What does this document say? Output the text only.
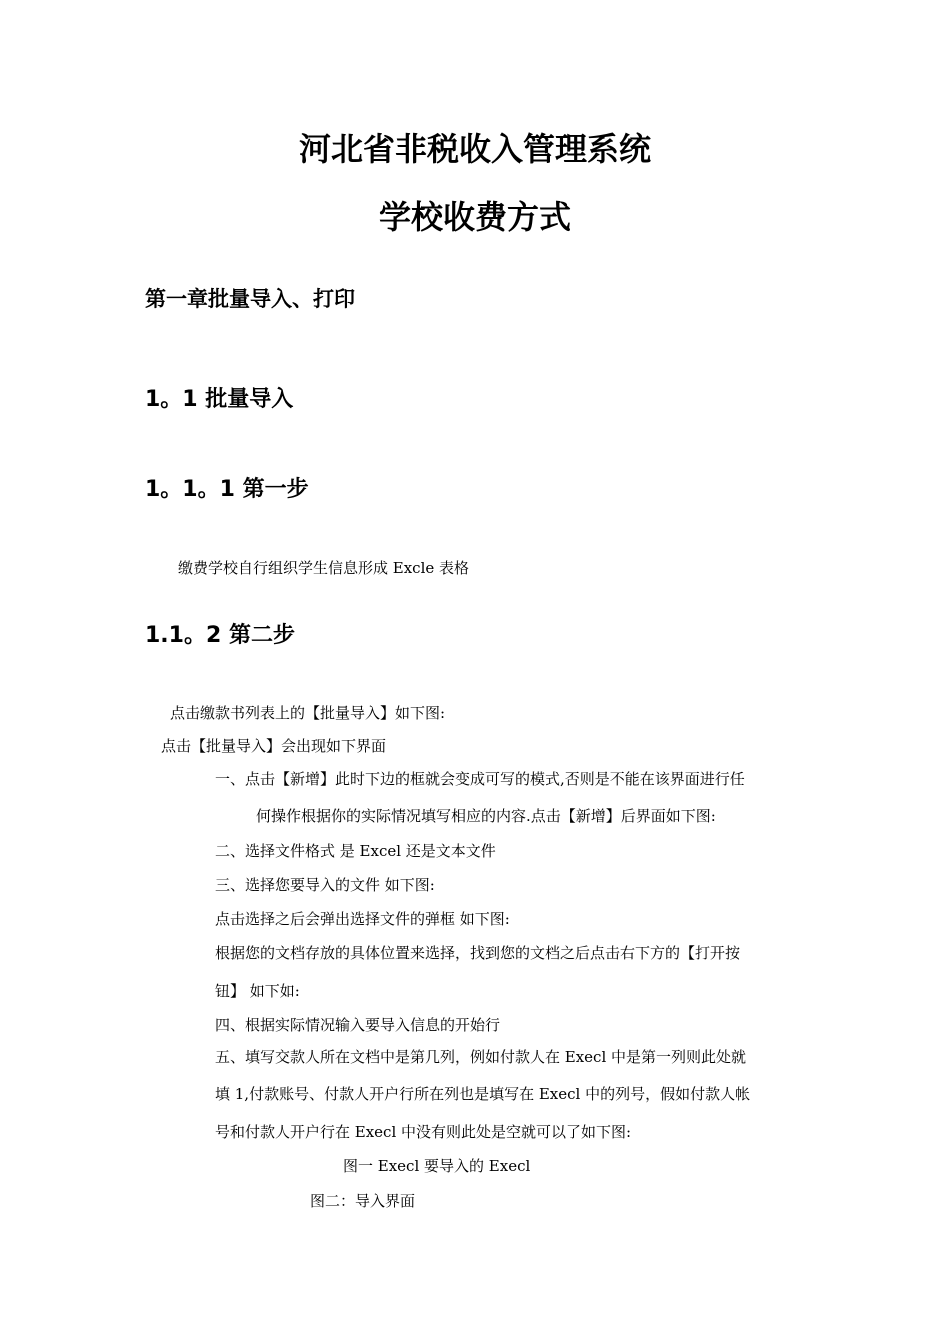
河北省非税收入管理系统
学校收费方式
第一章批量导入、打印
1。1 批量导入
1。1。1 第一步
缴费学校自行组织学生信息形成 Excle 表格
1.1。2 第二步
点击缴款书列表上的【批量导入】如下图:
点击【批量导入】会出现如下界面
一、点击【新增】此时下边的框就会变成可写的模式,否则是不能在该界面进行任
何操作根据你的实际情况填写相应的内容.点击【新增】后界面如下图:
二、选择文件格式 是 Excel 还是文本文件
三、选择您要导入的文件 如下图:
点击选择之后会弹出选择文件的弹框 如下图:
根据您的文档存放的具体位置来选择，找到您的文档之后点击右下方的【打开按
钮】 如下如:
四、根据实际情况输入要导入信息的开始行
五、填写交款人所在文档中是第几列，例如付款人在 Execl 中是第一列则此处就
填 1,付款账号、付款人开户行所在列也是填写在 Execl 中的列号，假如付款人帐
号和付款人开户行在 Execl 中没有则此处是空就可以了如下图:
图一 Execl 要导入的 Execl
图二：导入界面
